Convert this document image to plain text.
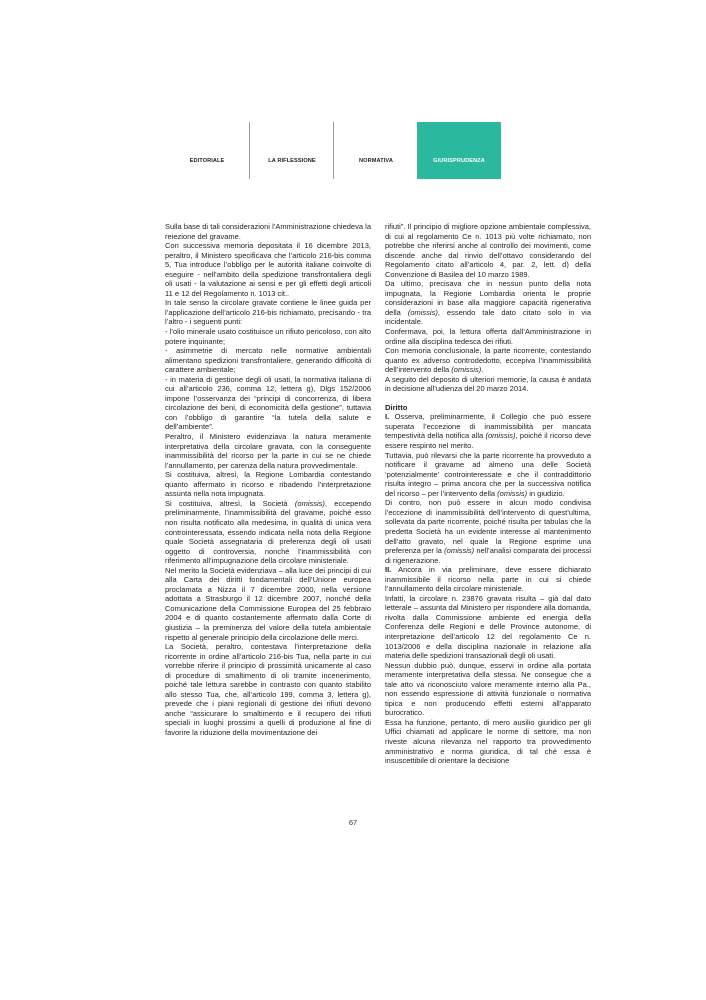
EDITORIALE	LA RIFLESSIONE	NORMATIVA	GIURISPRUDENZA

Sulla base di tali considerazioni l’Amministrazione chiedeva la reiezione del gravame.

Con successiva memoria depositata il 16 dicembre 2013, peraltro, il Ministero specificava che l’articolo 216-bis comma 5, Tua introduce l’obbligo per le autorità italiane coinvolte di eseguire - nell’ambito della spedizione transfrontaliera degli oli usati - la valutazione ai sensi e per gli effetti degli articoli 11 e 12 del Regolamento n. 1013 cit..

In tale senso la circolare gravate contiene le linee guida per l’applicazione dell’articolo 216-bis richiamato, precisando - tra l’altro - i seguenti punti:

- l’olio minerale usato costituisce un rifiuto pericoloso, con alto potere inquinante;

- asimmetrie di mercato nelle normative ambientali alimentano spedizioni transfrontaliere, generando difficoltà di carattere ambientale;

- in materia di gestione degli oli usati, la normativa italiana di cui all’articolo 236, comma 12, lettera g), Dlgs 152/2006 impone l’osservanza dei “principi di concorrenza, di libera circolazione dei beni, di economicità della gestione”, tuttavia con l’obbligo di garantire “la tutela della salute e dell’ambiente”.

Peraltro, il Ministero evidenziava la natura meramente interpretativa della circolare gravata, con la conseguente inammissibilità del ricorso per la parte in cui se ne chiede l’annullamento, per carenza della natura provvedimentale.

Si costituiva, altresì, la Regione Lombardia contestando quanto affermato in ricorso e ribadendo l’interpretazione assunta nella nota impugnata.

Si costituiva, altresì, la Società (omissis), eccependo preliminarmente, l’inammissibilità del gravame, poiché esso non risulta notificato alla medesima, in qualità di unica vera controinteressata, essendo indicata nella nota della Regione quale Società assegnataria di preferenza degli oli usati oggetto di controversia, nonché l’inammissibilità con riferimento all’impugnazione della circolare ministeriale.

Nel merito la Società evidenziava – alla luce dei principi di cui alla Carta dei diritti fondamentali dell’Unione europea proclamata a Nizza il 7 dicembre 2000, nella versione adottata a Strasburgo il 12 dicembre 2007, nonché della Comunicazione della Commissione Europea del 25 febbraio 2004 e di quanto costantemente affermato dalla Corte di giustizia – la preminenza del valore della tutela ambientale rispetto al generale principio della circolazione delle merci.

La Società, peraltro, contestava l’interpretazione della ricorrente in ordine all’articolo 216-bis Tua, nella parte in cui vorrebbe riferire il principio di prossimità unicamente al caso di procedure di smaltimento di oli tramite incenerimento, poiché tale lettura sarebbe in contrasto con quanto stabilito allo stesso Tua, che, all’articolo 199, comma 3, lettera g), prevede che i piani regionali di gestione dei rifiuti devono anche “assicurare lo smaltimento e il recupero dei rifiuti speciali in luoghi prossimi a quelli di produzione al fine di favorire la riduzione della movimentazione dei

rifiuti”. Il principio di migliore opzione ambientale complessiva, di cui al regolamento Ce n. 1013 più volte richiamato, non potrebbe che riferirsi anche al controllo dei movimenti, come discende anche dal rinvio dell’ottavo considerando del Regolamento citato all’articolo 4, par. 2, lett. d) della Convenzione di Basilea del 10 marzo 1989.

Da ultimo, precisava che in nessun punto della nota impugnata, la Regione Lombardia orienta le proprie considerazioni in base alla maggiore capacità rigenerativa della (omissis), essendo tale dato citato solo in via incidentale.

Confermava, poi, la lettura offerta dall’Amministrazione in ordine alla disciplina tedesca dei rifiuti.

Con memoria conclusionale, la parte ricorrente, contestando quanto ex adverso controdedotto, eccepiva l’inammissibilità dell’intervento della (omissis).

A seguito del deposito di ulteriori memorie, la causa è andata in decisione all’udienza del 20 marzo 2014.

Diritto

I. Osserva, preliminarmente, il Collegio che può essere superata l’eccezione di inammissibilità per mancata tempestività della notifica alla (omissis), poiché il ricorso deve essere respinto nel merito.

Tuttavia, può rilevarsi che la parte ricorrente ha provveduto a notificare il gravame ad almeno una delle Società ‘potenzialmente’ controinteressate e che il contraddittorio risulta integro – prima ancora che per la successiva notifica del ricorso – per l’intervento della (omissis) in giudizio.

Di contro, non può essere in alcun modo condivisa l’eccezione di inammissibilità dell’intervento di quest’ultima, sollevata da parte ricorrente, poiché risulta per tabulas che la predetta Società ha un evidente interesse al mantenimento dell’atto gravato, nel quale la Regione esprime una preferenza per la (omissis) nell’analisi comparata dei processi di rigenerazione.

II. Ancora in via preliminare, deve essere dichiarato inammissibile il ricorso nella parte in cui si chiede l’annullamento della circolare ministeriale.

Infatti, la circolare n. 23876 gravata risulta – già dal dato letterale – assunta dal Ministero per rispondere alla domanda, rivolta dalla Commissione ambiente ed energia della Conferenza delle Regioni e delle Province autonome, di interpretazione dell’articolo 12 del regolamento Ce n. 1013/2006 e della disciplina nazionale in relazione alla materia delle spedizioni transazionali degli oli usati.

Nessun dubbio può, dunque, esservi in ordine alla portata meramente interpretativa della stessa. Ne consegue che a tale atto va riconosciuto valore meramente interno alla Pa., non essendo espressione di attività funzionale o normativa tipica e non producendo effetti esterni all’apparato burocratico.

Essa ha funzione, pertanto, di mero ausilio giuridico per gli Uffici chiamati ad applicare le norme di settore, ma non riveste alcuna rilevanza nel rapporto tra provvedimento amministrativo e norma giuridica, di tal ché essa è insuscettibile di orientare la decisione

67
